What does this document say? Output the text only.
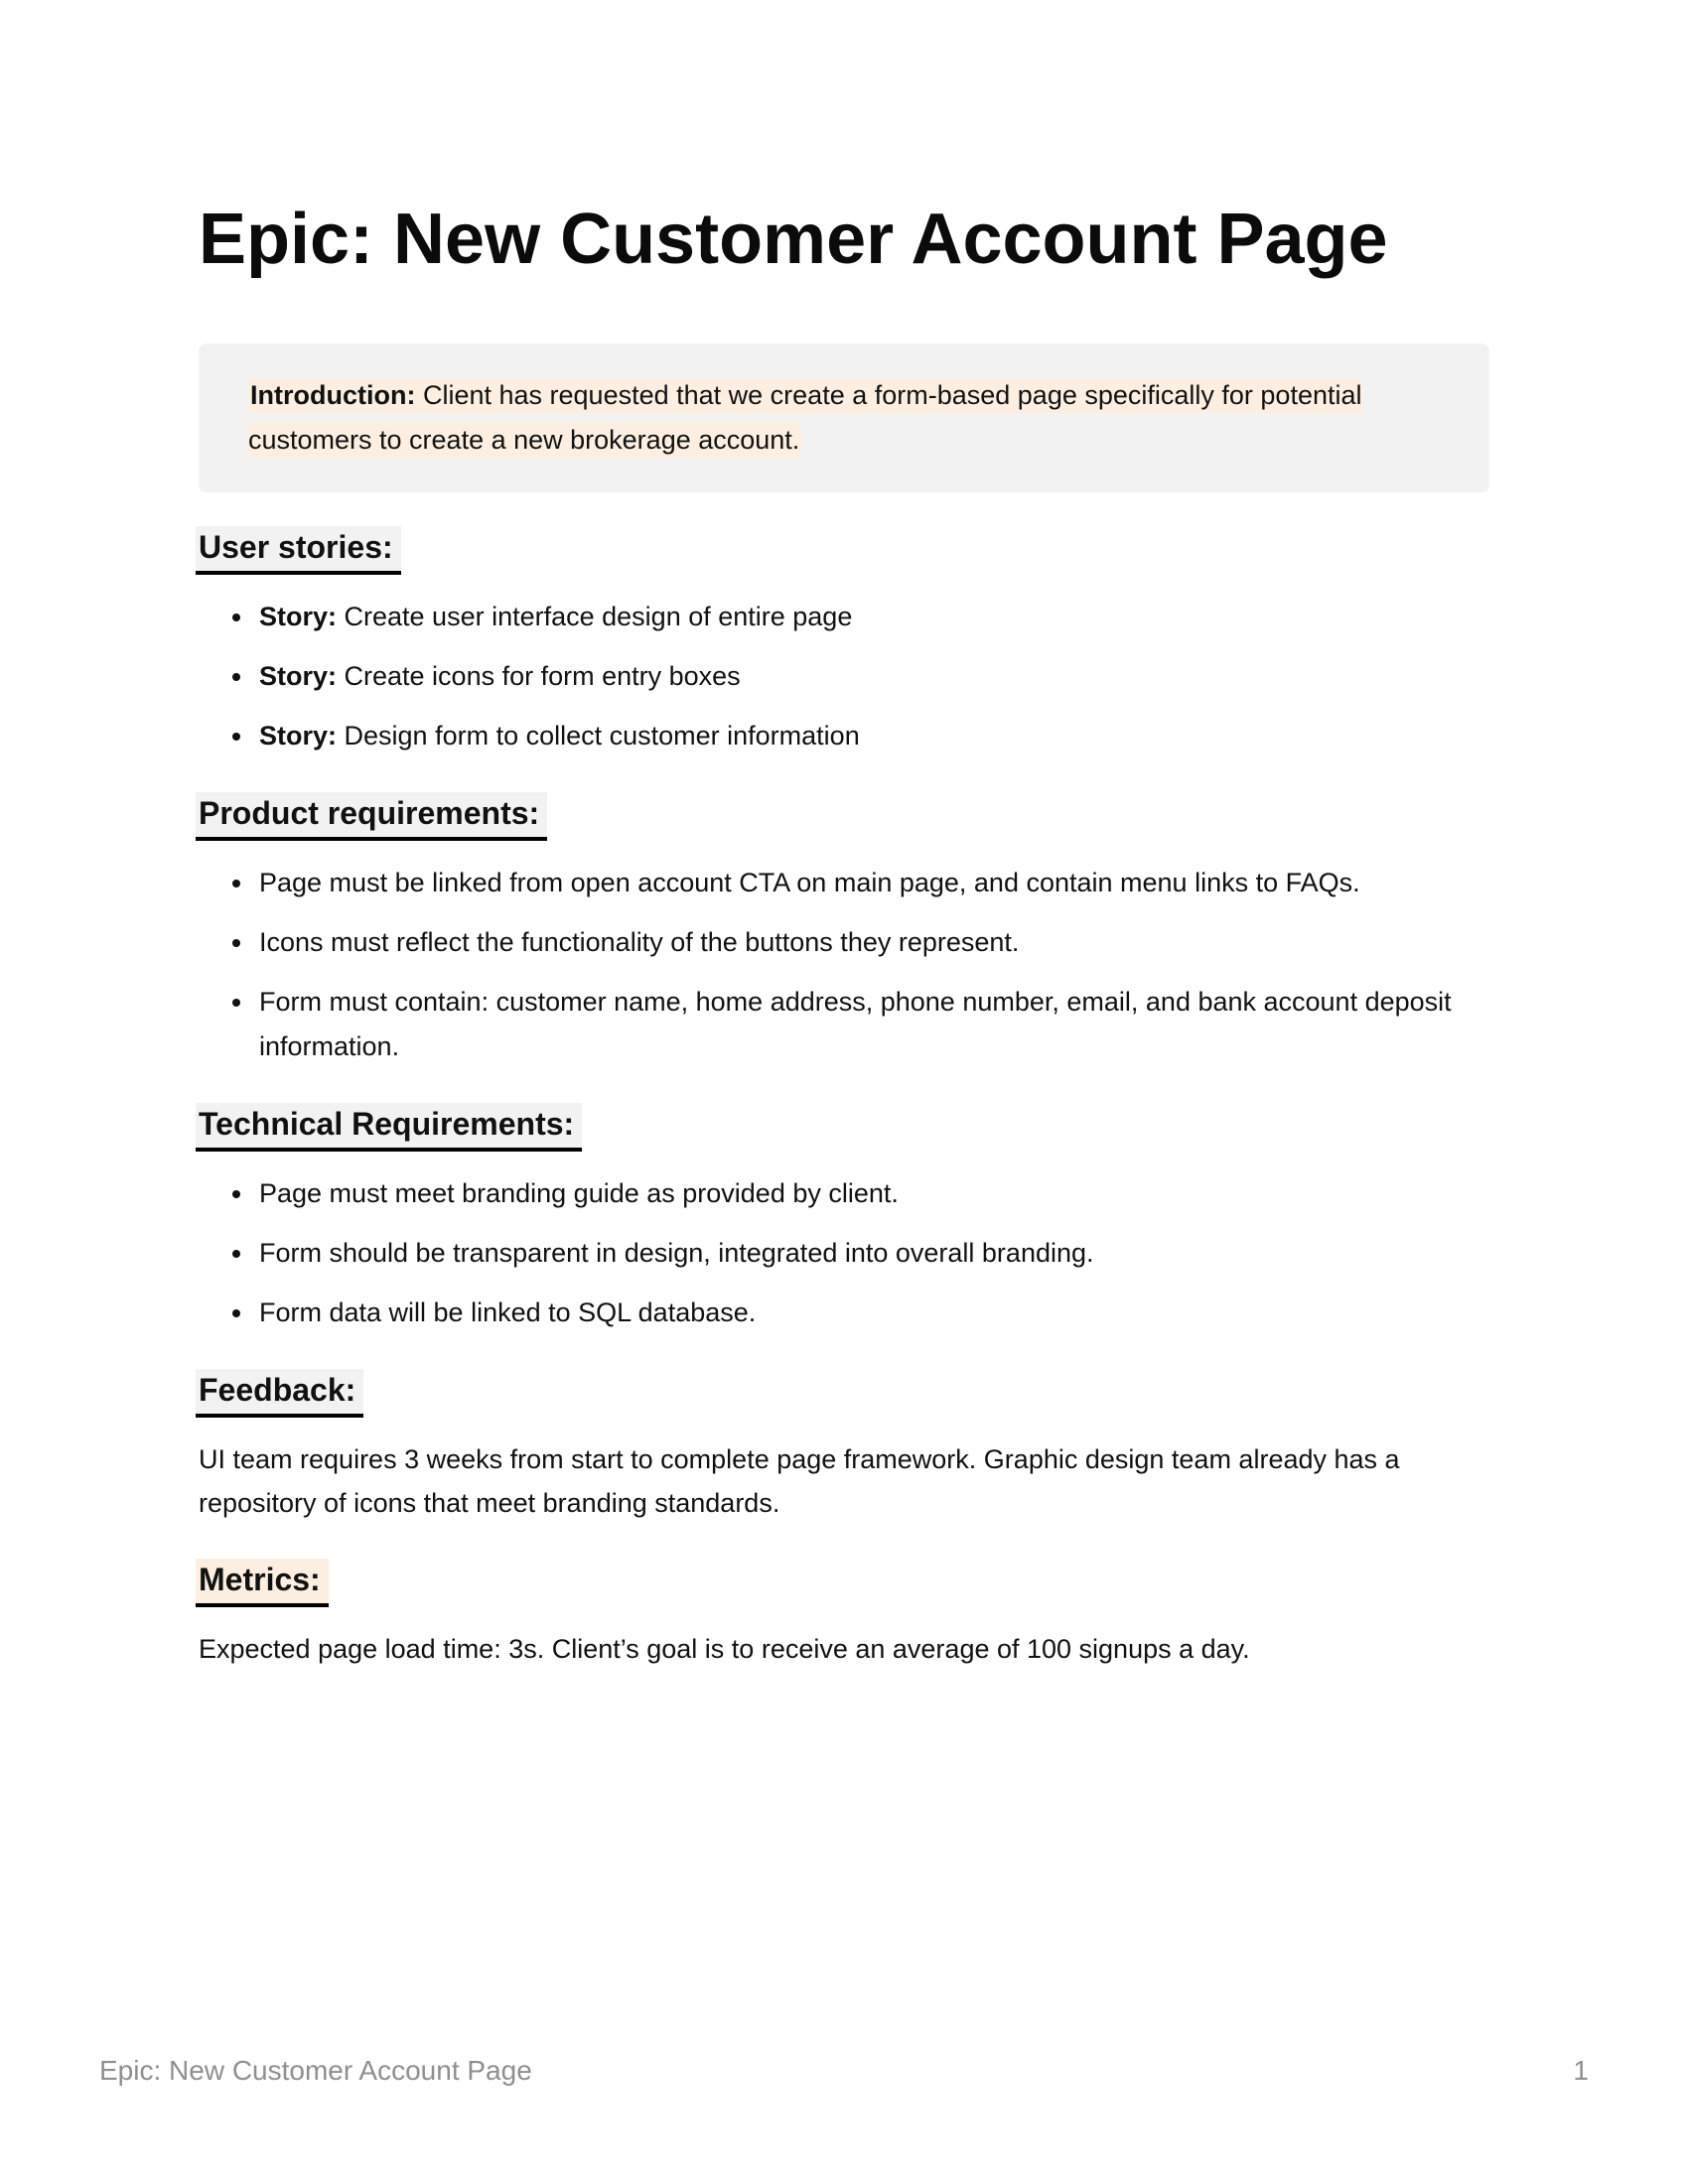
Epic: New Customer Account Page

Introduction: Client has requested that we create a form-based page specifically for potential customers to create a new brokerage account.

User stories:
• Story: Create user interface design of entire page
• Story: Create icons for form entry boxes
• Story: Design form to collect customer information
Product requirements:
• Page must be linked from open account CTA on main page, and contain menu links to FAQs.
• Icons must reflect the functionality of the buttons they represent.
• Form must contain: customer name, home address, phone number, email, and bank account deposit information.
Technical Requirements:
• Page must meet branding guide as provided by client.
• Form should be transparent in design, integrated into overall branding.
• Form data will be linked to SQL database.
Feedback:

UI team requires 3 weeks from start to complete page framework. Graphic design team already has a repository of icons that meet branding standards.

Metrics:

Expected page load time: 3s. Client’s goal is to receive an average of 100 signups a day.

Epic: New Customer Account Page	1
